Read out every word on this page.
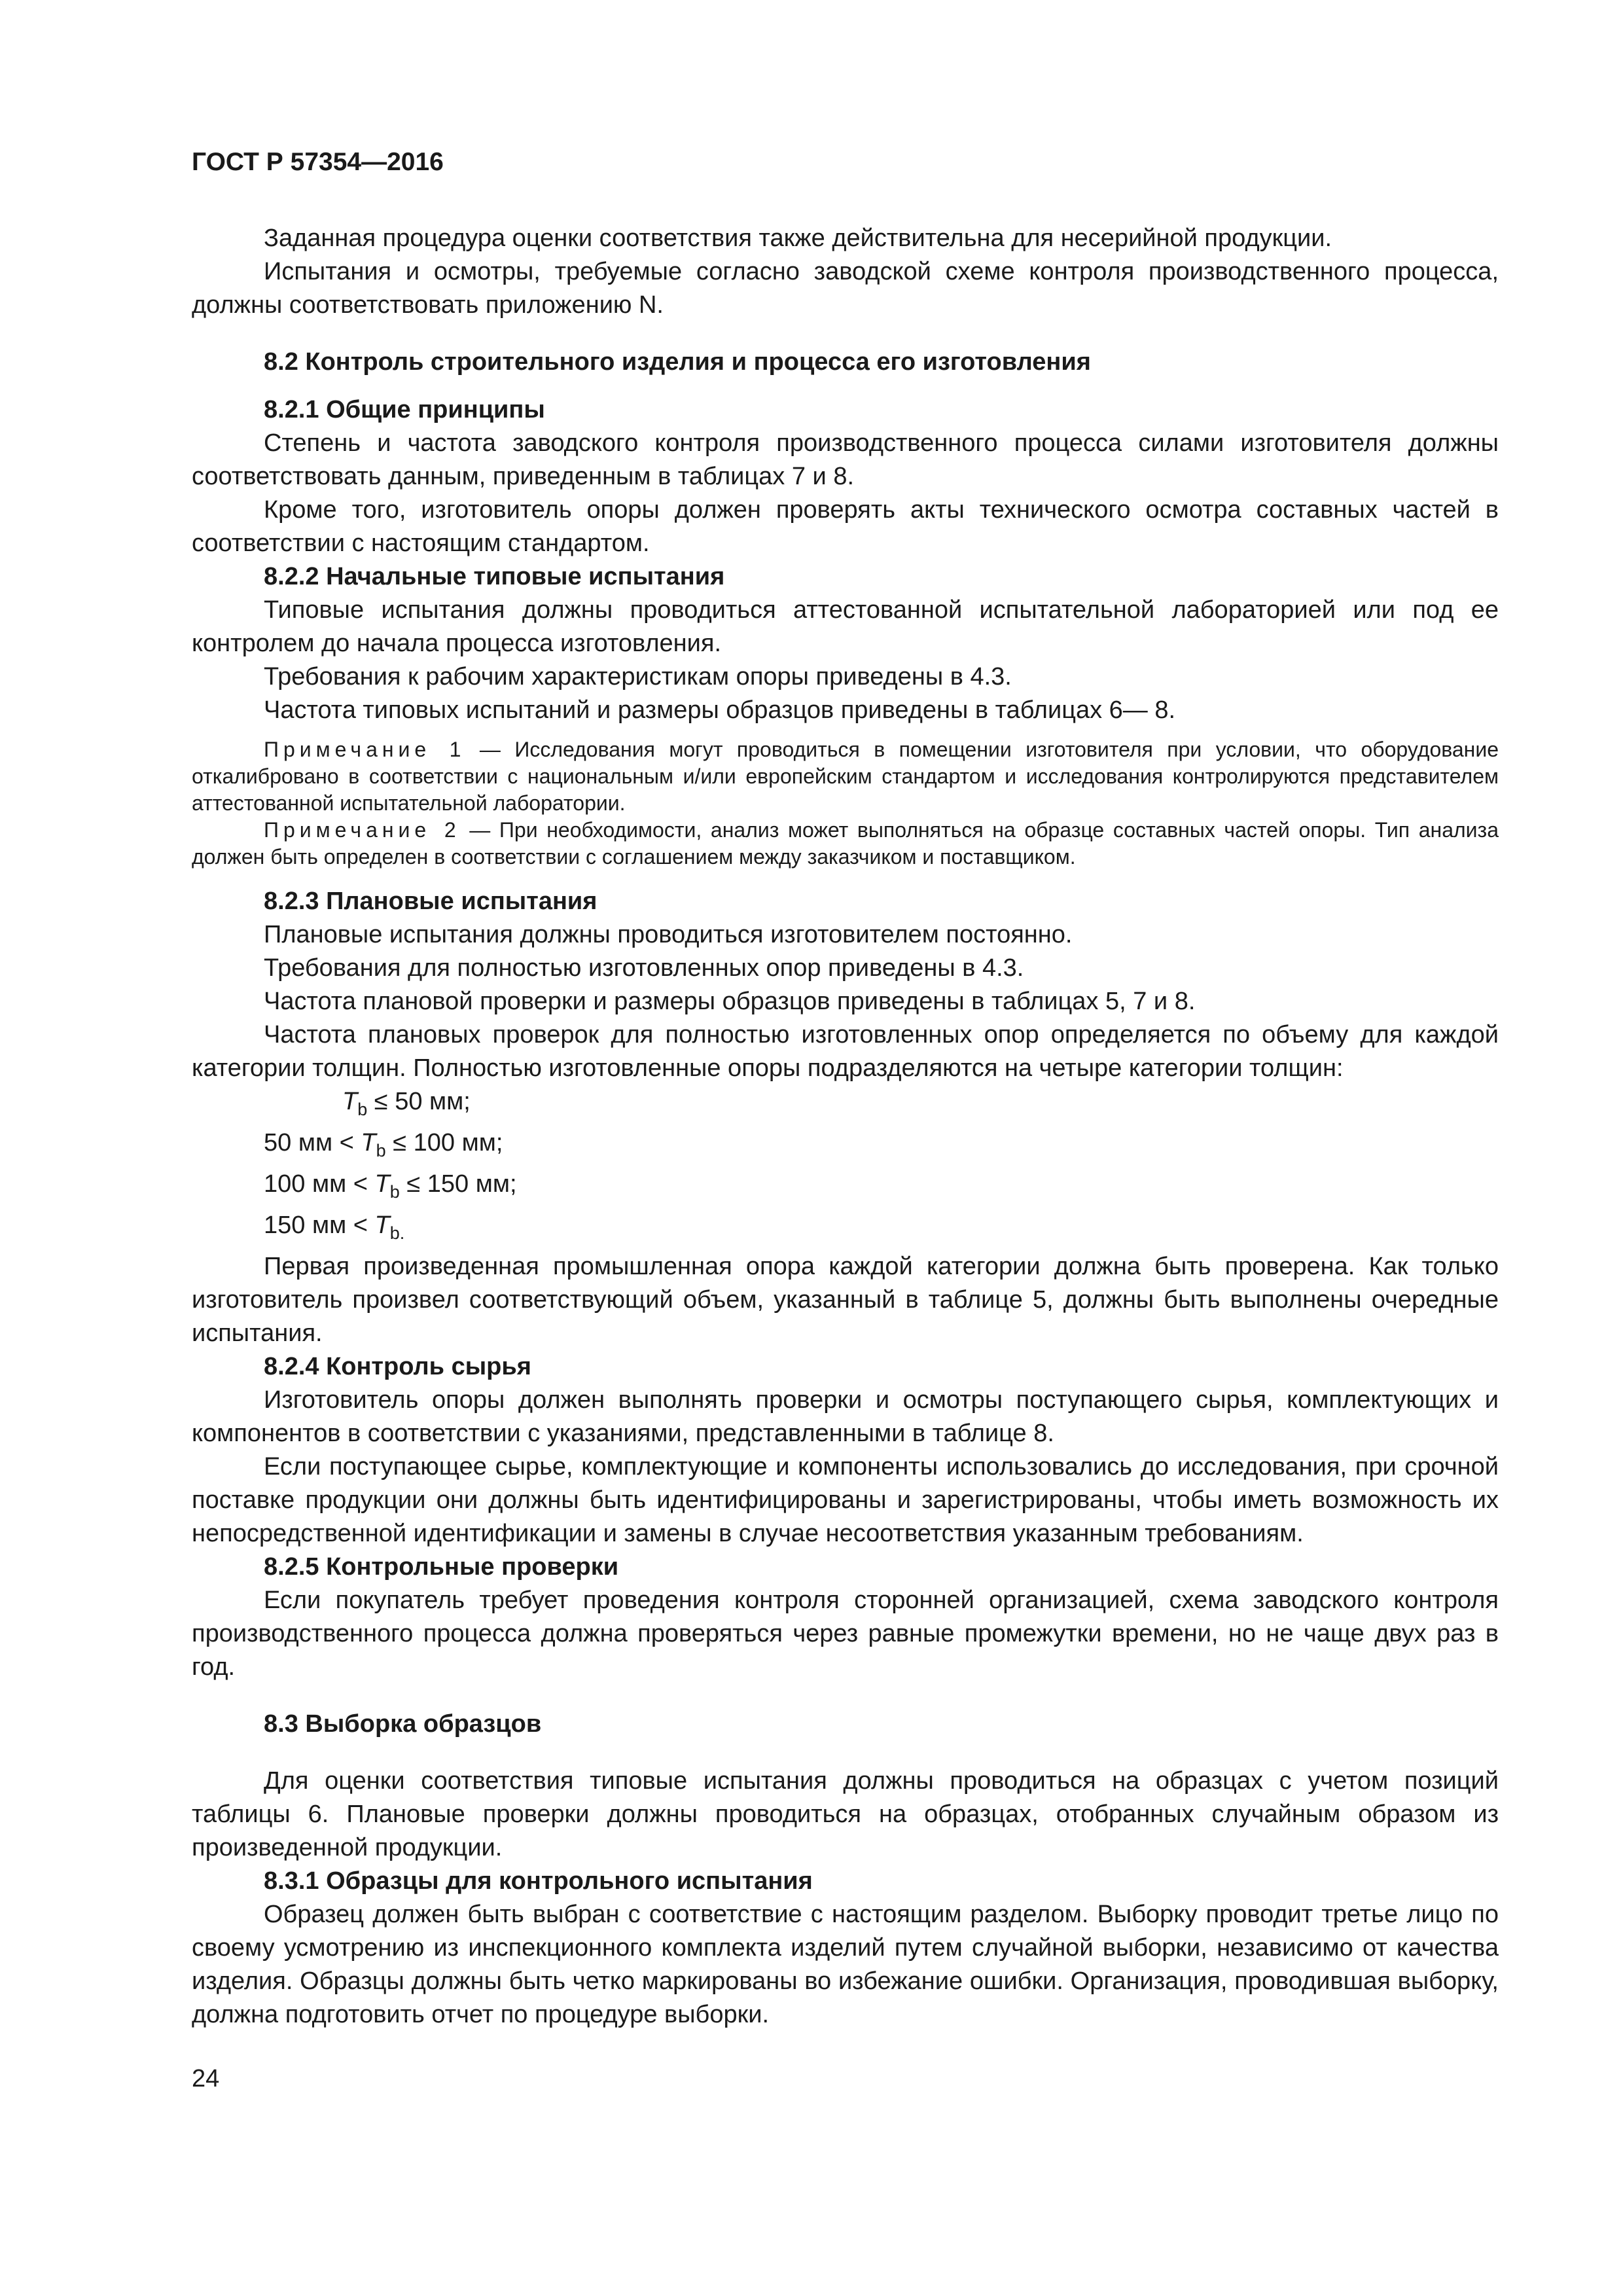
ГОСТ Р 57354—2016

Заданная процедура оценки соответствия также действительна для несерийной продукции.

Испытания и осмотры, требуемые согласно заводской схеме контроля производственного процесса, должны соответствовать приложению N.

8.2 Контроль строительного изделия и процесса его изготовления

8.2.1 Общие принципы

Степень и частота заводского контроля производственного процесса силами изготовителя должны соответствовать данным, приведенным в таблицах 7 и 8.

Кроме того, изготовитель опоры должен проверять акты технического осмотра составных частей в соответствии с настоящим стандартом.

8.2.2 Начальные типовые испытания

Типовые испытания должны проводиться аттестованной испытательной лабораторией или под ее контролем до начала процесса изготовления.

Требования к рабочим характеристикам опоры приведены в 4.3.

Частота типовых испытаний и размеры образцов приведены в таблицах 6— 8.

Примечание 1 — Исследования могут проводиться в помещении изготовителя при условии, что оборудование откалибровано в соответствии с национальным и/или европейским стандартом и исследования контролируются представителем аттестованной испытательной лаборатории.

Примечание 2 — При необходимости, анализ может выполняться на образце составных частей опоры. Тип анализа должен быть определен в соответствии с соглашением между заказчиком и поставщиком.

8.2.3 Плановые испытания

Плановые испытания должны проводиться изготовителем постоянно.

Требования для полностью изготовленных опор приведены в 4.3.

Частота плановой проверки и размеры образцов приведены в таблицах 5, 7 и 8.

Частота плановых проверок для полностью изготовленных опор определяется по объему для каждой категории толщин. Полностью изготовленные опоры подразделяются на четыре категории толщин:

$T_b \le 50$ мм;

50 мм < $T_b \le 100$ мм;

100 мм < $T_b \le 150$ мм;

150 мм < $T_{b.}$

Первая произведенная промышленная опора каждой категории должна быть проверена. Как только изготовитель произвел соответствующий объем, указанный в таблице 5, должны быть выполнены очередные испытания.

8.2.4 Контроль сырья

Изготовитель опоры должен выполнять проверки и осмотры поступающего сырья, комплектующих и компонентов в соответствии с указаниями, представленными в таблице 8.

Если поступающее сырье, комплектующие и компоненты использовались до исследования, при срочной поставке продукции они должны быть идентифицированы и зарегистрированы, чтобы иметь возможность их непосредственной идентификации и замены в случае несоответствия указанным требованиям.

8.2.5 Контрольные проверки

Если покупатель требует проведения контроля сторонней организацией, схема заводского контроля производственного процесса должна проверяться через равные промежутки времени, но не чаще двух раз в год.

8.3 Выборка образцов

Для оценки соответствия типовые испытания должны проводиться на образцах с учетом позиций таблицы 6. Плановые проверки должны проводиться на образцах, отобранных случайным образом из произведенной продукции.

8.3.1 Образцы для контрольного испытания

Образец должен быть выбран с соответствие с настоящим разделом. Выборку проводит третье лицо по своему усмотрению из инспекционного комплекта изделий путем случайной выборки, независимо от качества изделия. Образцы должны быть четко маркированы во избежание ошибки. Организация, проводившая выборку, должна подготовить отчет по процедуре выборки.

24
